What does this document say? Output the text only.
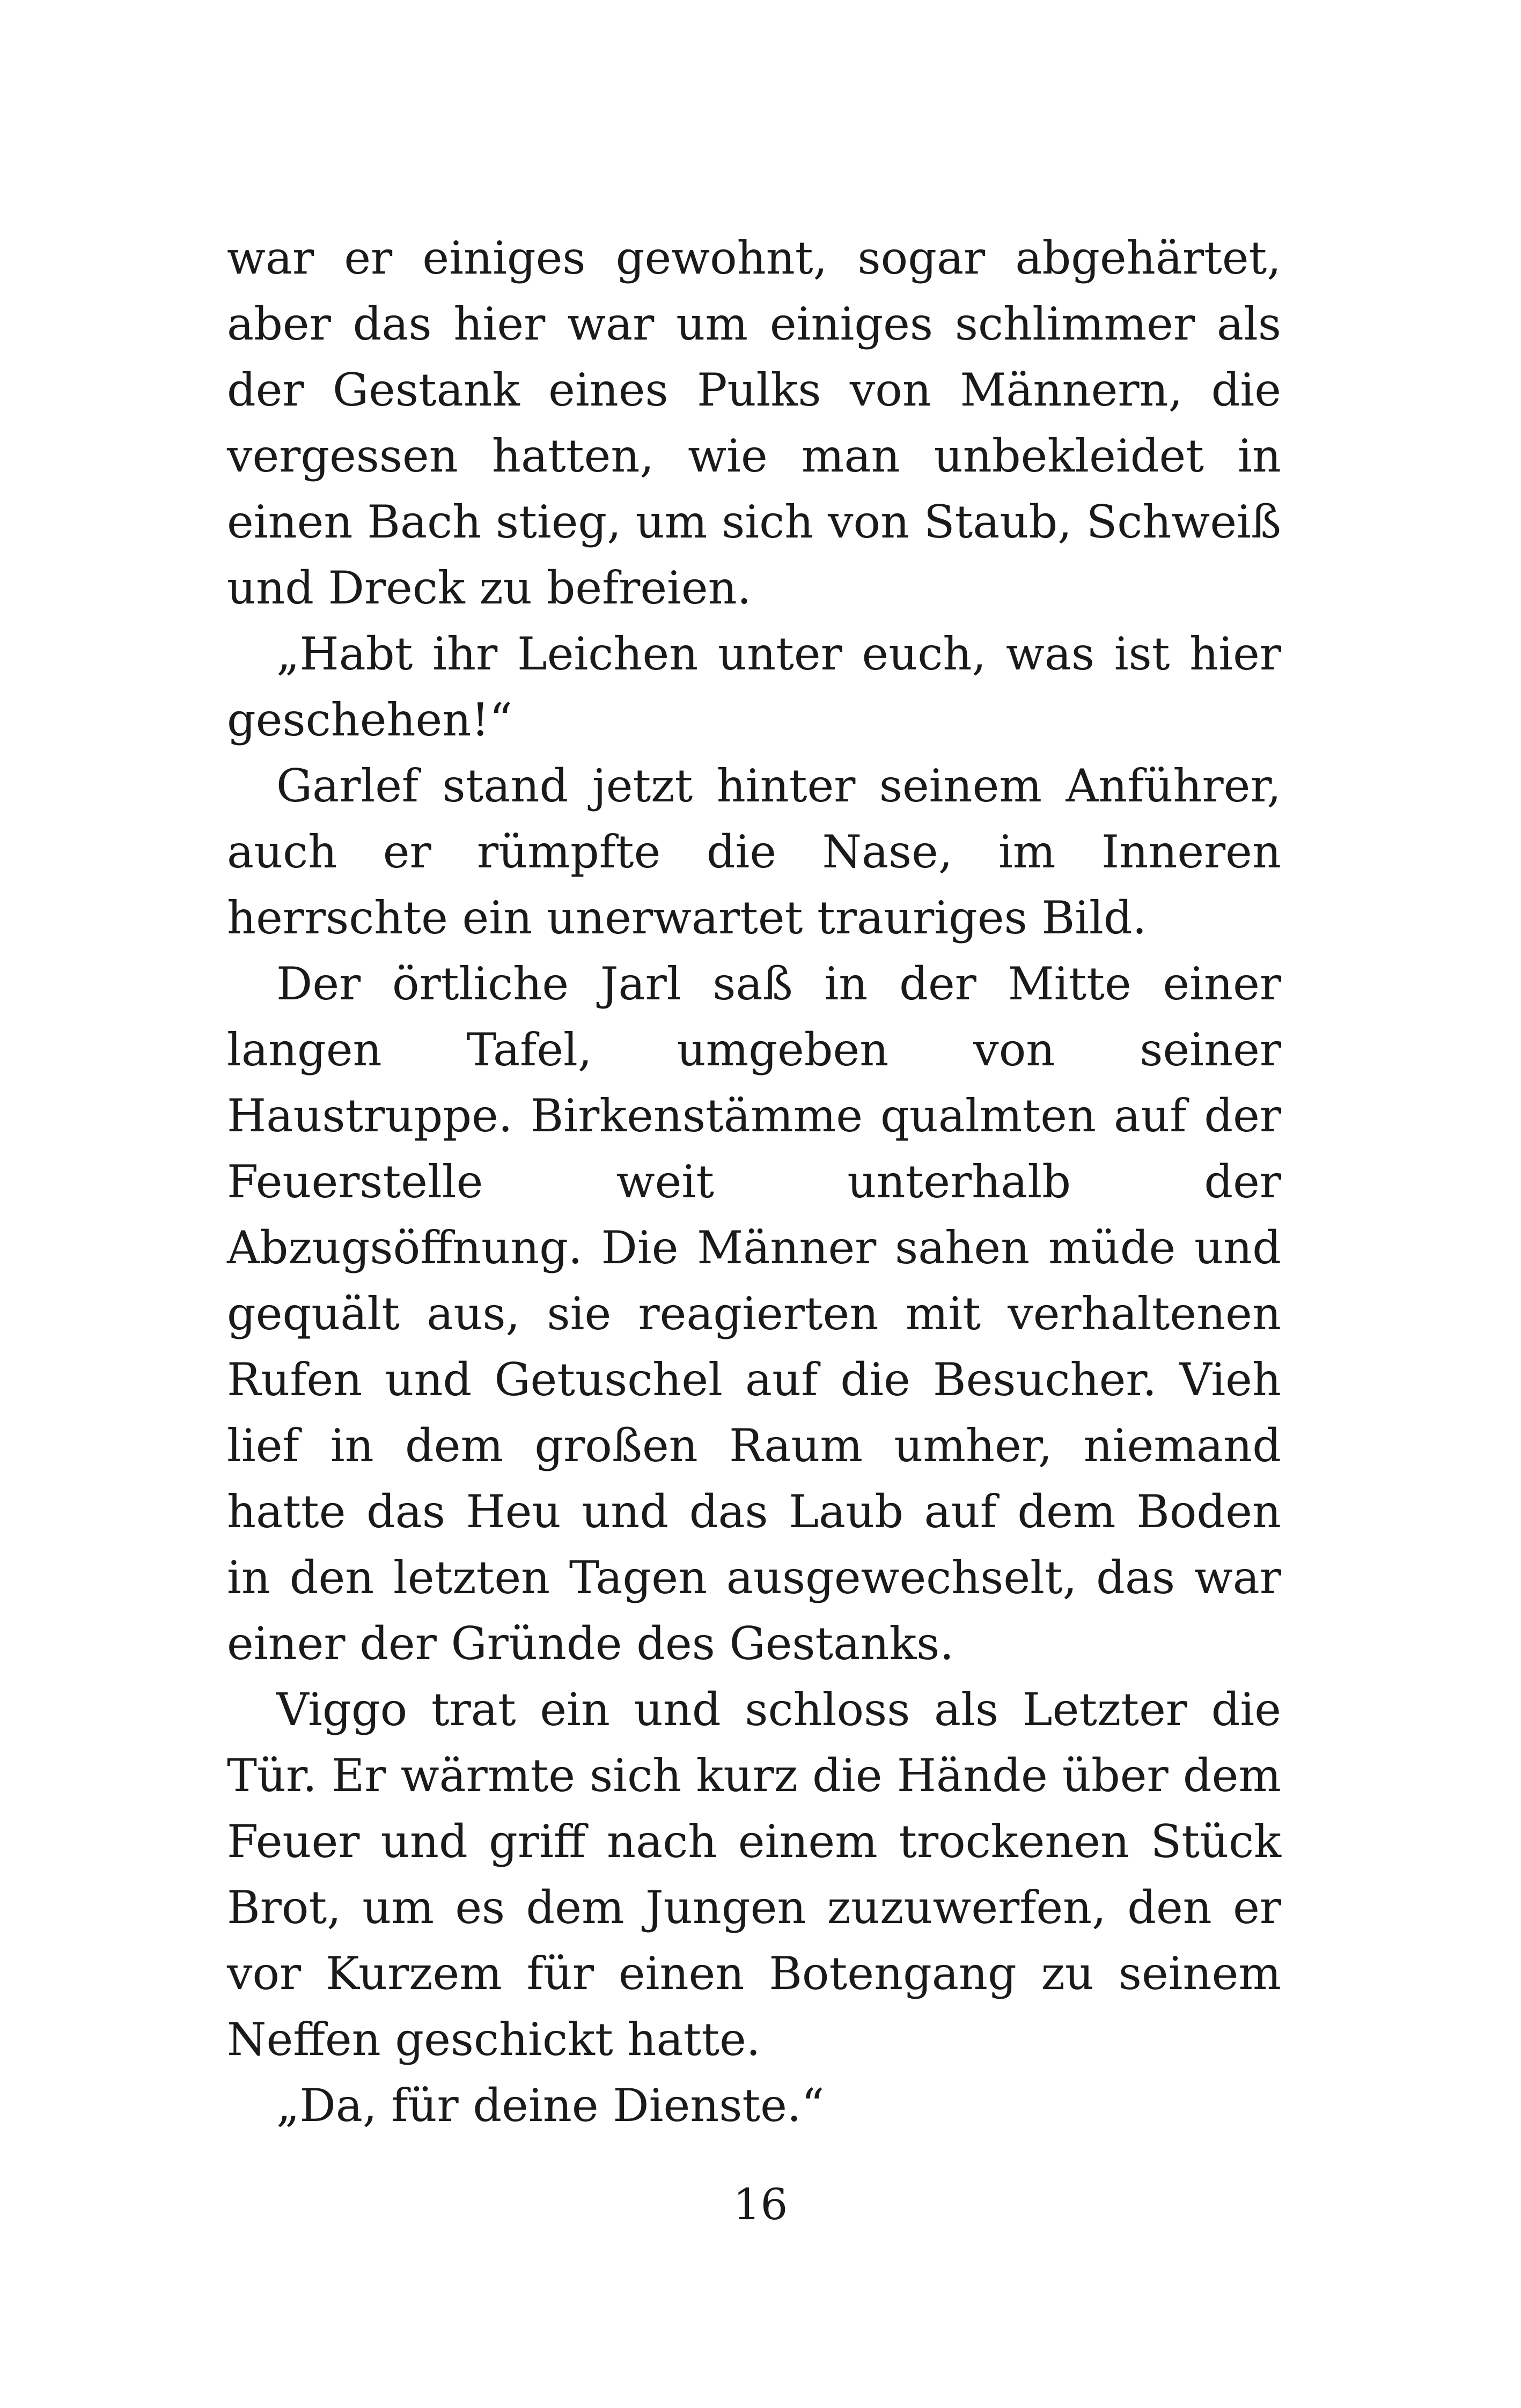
war er einiges gewohnt, sogar abgehärtet, aber das hier war um einiges schlimmer als der Gestank eines Pulks von Männern, die vergessen hatten, wie man unbekleidet in einen Bach stieg, um sich von Staub, Schweiß und Dreck zu befreien.

„Habt ihr Leichen unter euch, was ist hier geschehen!“

Garlef stand jetzt hinter seinem Anführer, auch er rümpfte die Nase, im Inneren herrschte ein unerwartet trauriges Bild.

Der örtliche Jarl saß in der Mitte einer langen Tafel, umgeben von seiner Haustruppe. Birkenstämme qualmten auf der Feuerstelle weit unterhalb der Abzugsöffnung. Die Männer sahen müde und gequält aus, sie reagierten mit verhaltenen Rufen und Getuschel auf die Besucher. Vieh lief in dem großen Raum umher, niemand hatte das Heu und das Laub auf dem Boden in den letzten Tagen ausgewechselt, das war einer der Gründe des Gestanks.

Viggo trat ein und schloss als Letzter die Tür. Er wärmte sich kurz die Hände über dem Feuer und griff nach einem trockenen Stück Brot, um es dem Jungen zuzuwerfen, den er vor Kurzem für einen Botengang zu seinem Neffen geschickt hatte.

„Da, für deine Dienste.“

16
